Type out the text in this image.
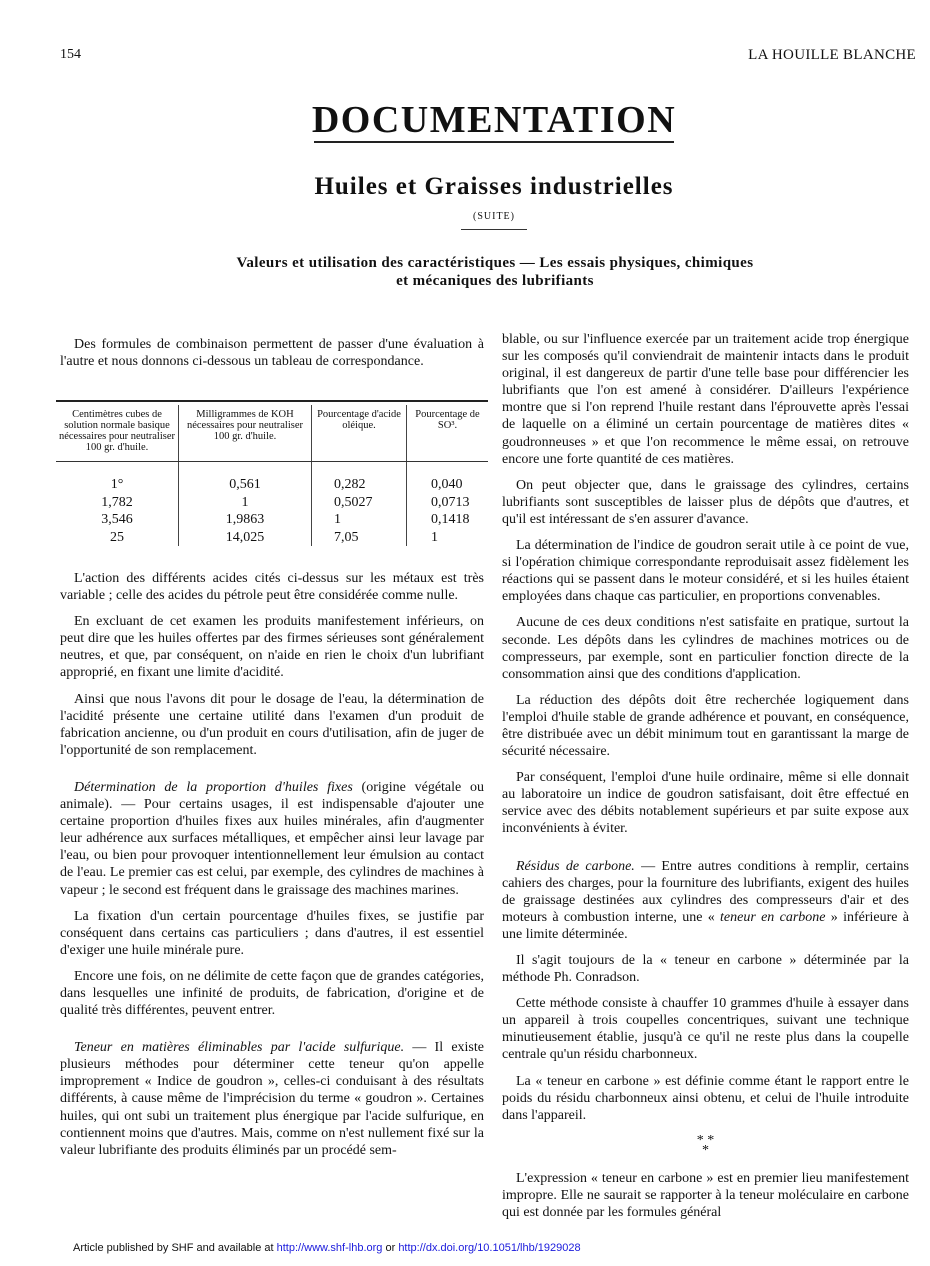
154	LA HOUILLE BLANCHE
DOCUMENTATION
Huiles et Graisses industrielles
(SUITE)
Valeurs et utilisation des caractéristiques — Les essais physiques, chimiques
et mécaniques des lubrifiants

Des formules de combinaison permettent de passer d'une évaluation à l'autre et nous donnons ci-dessous un tableau de correspondance.

Centimètres cubes de solution normale basique nécessaires pour neutraliser 100 gr. d'huile.	Milligrammes de KOH nécessaires pour neutraliser 100 gr. d'huile.	Pourcentage d'acide oléique.	Pourcentage de SO³.

1°	0,561	0,282	0,040
1,782	1	0,5027	0,0713
3,546	1,9863	1	0,1418
25	14,025	7,05	1

L'action des différents acides cités ci-dessus sur les métaux est très variable ; celle des acides du pétrole peut être considérée comme nulle.

En excluant de cet examen les produits manifestement inférieurs, on peut dire que les huiles offertes par des firmes sérieuses sont généralement neutres, et que, par conséquent, on n'aide en rien le choix d'un lubrifiant approprié, en fixant une limite d'acidité.

Ainsi que nous l'avons dit pour le dosage de l'eau, la détermination de l'acidité présente une certaine utilité dans l'examen d'un produit de fabrication ancienne, ou d'un produit en cours d'utilisation, afin de juger de l'opportunité de son remplacement.

Détermination de la proportion d'huiles fixes (origine végétale ou animale). — Pour certains usages, il est indispensable d'ajouter une certaine proportion d'huiles fixes aux huiles minérales, afin d'augmenter leur adhérence aux surfaces métalliques, et empêcher ainsi leur lavage par l'eau, ou bien pour provoquer intentionnellement leur émulsion au contact de l'eau. Le premier cas est celui, par exemple, des cylindres de machines à vapeur ; le second est fréquent dans le graissage des machines marines.

La fixation d'un certain pourcentage d'huiles fixes, se justifie par conséquent dans certains cas particuliers ; dans d'autres, il est essentiel d'exiger une huile minérale pure.

Encore une fois, on ne délimite de cette façon que de grandes catégories, dans lesquelles une infinité de produits, de fabrication, d'origine et de qualité très différentes, peuvent entrer.

Teneur en matières éliminables par l'acide sulfurique. — Il existe plusieurs méthodes pour déterminer cette teneur qu'on appelle improprement « Indice de goudron », celles-ci conduisant à des résultats différents, à cause même de l'imprécision du terme « goudron ». Certaines huiles, qui ont subi un traitement plus énergique par l'acide sulfurique, en contiennent moins que d'autres. Mais, comme on n'est nullement fixé sur la valeur lubrifiante des produits éliminés par un procédé sem-

blable, ou sur l'influence exercée par un traitement acide trop énergique sur les composés qu'il conviendrait de maintenir intacts dans le produit original, il est dangereux de partir d'une telle base pour différencier les lubrifiants que l'on est amené à considérer. D'ailleurs l'expérience montre que si l'on reprend l'huile restant dans l'éprouvette après l'essai de laquelle on a éliminé un certain pourcentage de matières dites « goudronneuses » et que l'on recommence le même essai, on retrouve encore une forte quantité de ces matières.

On peut objecter que, dans le graissage des cylindres, certains lubrifiants sont susceptibles de laisser plus de dépôts que d'autres, et qu'il est intéressant de s'en assurer d'avance.

La détermination de l'indice de goudron serait utile à ce point de vue, si l'opération chimique correspondante reproduisait assez fidèlement les réactions qui se passent dans le moteur considéré, et si les huiles étaient employées dans chaque cas particulier, en proportions convenables.

Aucune de ces deux conditions n'est satisfaite en pratique, surtout la seconde. Les dépôts dans les cylindres de machines motrices ou de compresseurs, par exemple, sont en particulier fonction directe de la consommation ainsi que des conditions d'application.

La réduction des dépôts doit être recherchée logiquement dans l'emploi d'huile stable de grande adhérence et pouvant, en conséquence, être distribuée avec un débit minimum tout en garantissant la marge de sécurité nécessaire.

Par conséquent, l'emploi d'une huile ordinaire, même si elle donnait au laboratoire un indice de goudron satisfaisant, doit être effectué en service avec des débits notablement supérieurs et par suite expose aux inconvénients à éviter.

Résidus de carbone. — Entre autres conditions à remplir, certains cahiers des charges, pour la fourniture des lubrifiants, exigent des huiles de graissage destinées aux cylindres des compresseurs d'air et des moteurs à combustion interne, une « teneur en carbone » inférieure à une limite déterminée.

Il s'agit toujours de la « teneur en carbone » déterminée par la méthode Ph. Conradson.

Cette méthode consiste à chauffer 10 grammes d'huile à essayer dans un appareil à trois coupelles concentriques, suivant une technique minutieusement établie, jusqu'à ce qu'il ne reste plus dans la coupelle centrale qu'un résidu charbonneux.

La « teneur en carbone » est définie comme étant le rapport entre le poids du résidu charbonneux ainsi obtenu, et celui de l'huile introduite dans l'appareil.

* *
*

L'expression « teneur en carbone » est en premier lieu manifestement impropre. Elle ne saurait se rapporter à la teneur moléculaire en carbone qui est donnée par les formules général

Article published by SHF and available at http://www.shf-lhb.org or http://dx.doi.org/10.1051/lhb/1929028
